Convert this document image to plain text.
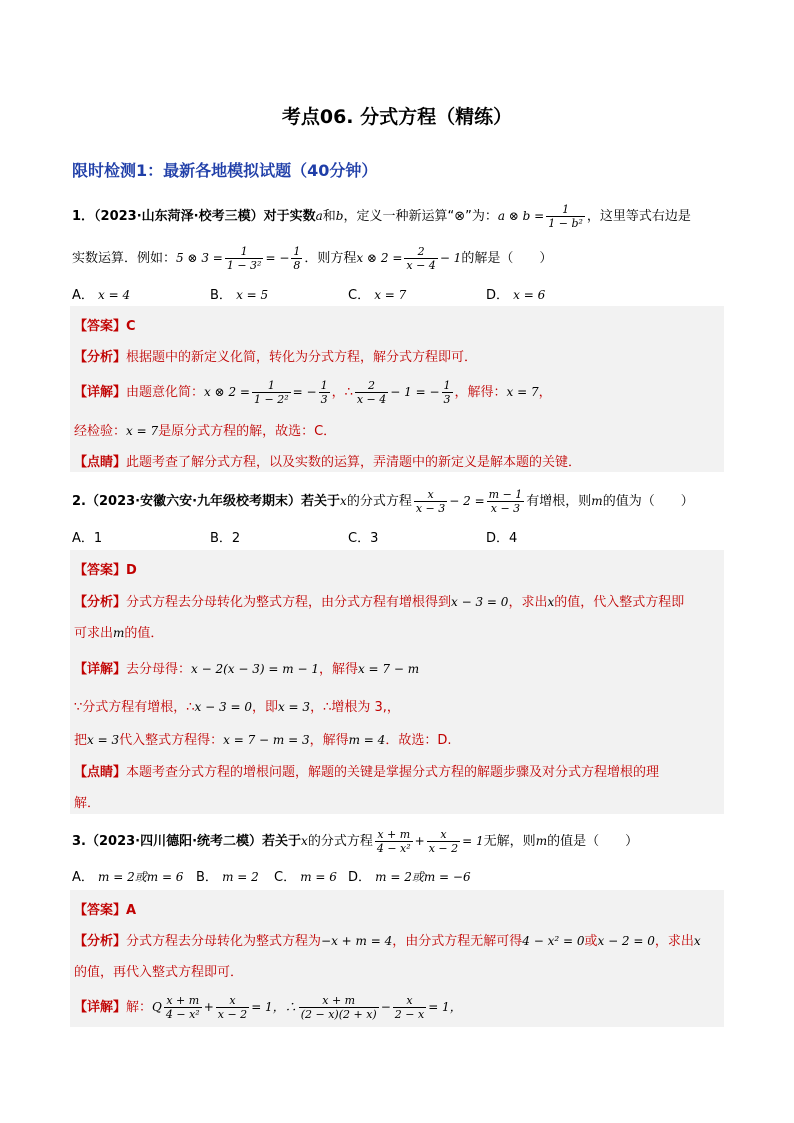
考点06. 分式方程（精练）
限时检测1：最新各地模拟试题（40分钟）
1．（2023·山东菏泽·校考三模）对于实数a和b，定义一种新运算“⊗”为：a ⊗ $b = \frac{1}{\text{1 − b²}}$ ，这里等式右边是
实数运算．例如：5 ⊗ $3 = \frac{1}{\text{1 − 3²}}$ = − $\frac{1}{8}$ ．则方程x ⊗ $2 = \frac{2}{x - 4} - 1$的解是（　　）
A． x = 4	B． x = 5	C． x = 7	D． x = 6
【答案】C
【分析】根据题中的新定义化简，转化为分式方程，解分式方程即可．
【详解】由题意化简：x ⊗ $2 = \frac{1}{\text{1 − 2²}}$ = − $\frac{1}{3}$ ，∴ $\frac{2}{x - 4} - 1$ = − $\frac{1}{3}$ ，解得：x = 7，
经检验：x = 7是原分式方程的解，故选：C．
【点睛】此题考查了解分式方程，以及实数的运算，弄清题中的新定义是解本题的关键．
2.（2023·安徽六安·九年级校考期末）若关于x的分式方程 $\frac{x}{x - 3} - 2 = \frac{m - 1}{x - 3}$ 有增根，则m的值为（　　）
A．1	B．2	C．3	D．4
【答案】D
【分析】分式方程去分母转化为整式方程，由分式方程有增根得到x − 3 = 0，求出x的值，代入整式方程即
可求出m的值．
【详解】去分母得：x − 2(x − 3) = m − 1，解得x = 7 − m
∵分式方程有增根，∴x − 3 = 0，即x = 3，∴增根为 3,，
把x = 3代入整式方程得：x = 7 − m = 3，解得m = 4．故选：D.
【点睛】本题考查分式方程的增根问题，解题的关键是掌握分式方程的解题步骤及对分式方程增根的理
解．
3.（2023·四川德阳·统考二模）若关于x的分式方程 $\frac{x + m}{\text{4 − x²}} + \frac{x}{x - 2} = 1$无解，则m的值是（　　）
A． m = 2或m = 6 B． m = 2 C． m = 6 D． m = 2或m = −6
【答案】A
【分析】分式方程去分母转化为整式方程为−x + m = 4，由分式方程无解可得4 − x² = 0或x − 2 = 0，求出x
的值，再代入整式方程即可．
【详解】解：Q $\frac{x + m}{\text{4 − x²}} + \frac{x}{x - 2} = 1$，∴ $\frac{x + m}{(2 - x)(2 + x)} - \frac{x}{2 - x} = 1$，
